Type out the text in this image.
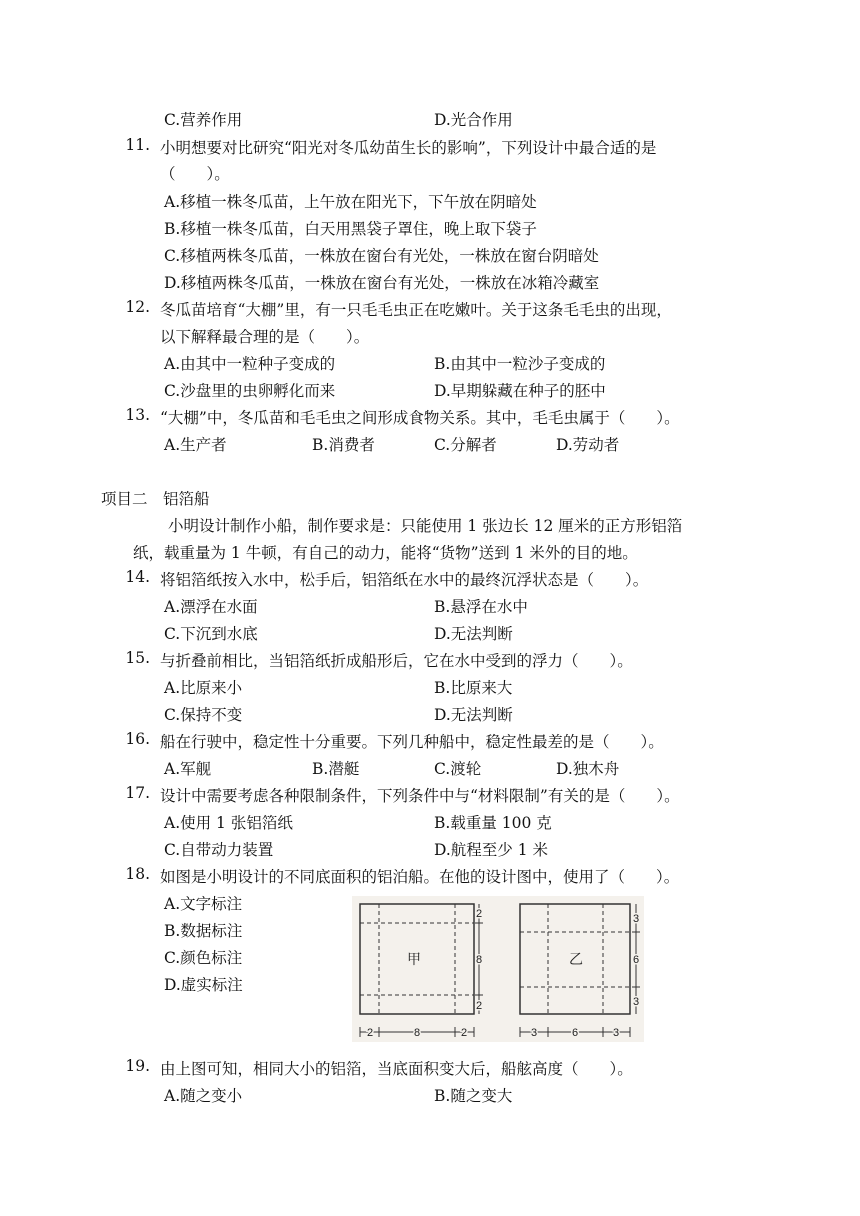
C.营养作用	D.光合作用
11. 小明想要对比研究“阳光对冬瓜幼苗生长的影响”，下列设计中最合适的是
（　　）。
A.移植一株冬瓜苗，上午放在阳光下，下午放在阴暗处
B.移植一株冬瓜苗，白天用黑袋子罩住，晚上取下袋子
C.移植两株冬瓜苗，一株放在窗台有光处，一株放在窗台阴暗处
D.移植两株冬瓜苗，一株放在窗台有光处，一株放在冰箱冷藏室
12. 冬瓜苗培育“大棚”里，有一只毛毛虫正在吃嫩叶。关于这条毛毛虫的出现，
以下解释最合理的是（　　）。
A.由其中一粒种子变成的	B.由其中一粒沙子变成的
C.沙盘里的虫卵孵化而来	D.早期躲藏在种子的胚中
13. “大棚”中，冬瓜苗和毛毛虫之间形成食物关系。其中，毛毛虫属于（　　）。
A.生产者	B.消费者	C.分解者	D.劳动者
项目二　铝箔船
小明设计制作小船，制作要求是：只能使用 1 张边长 12 厘米的正方形铝箔
纸，载重量为 1 牛顿，有自己的动力，能将“货物”送到 1 米外的目的地。
14. 将铝箔纸按入水中，松手后，铝箔纸在水中的最终沉浮状态是（　　）。
A.漂浮在水面	B.悬浮在水中
C.下沉到水底	D.无法判断
15. 与折叠前相比，当铝箔纸折成船形后，它在水中受到的浮力（　　）。
A.比原来小	B.比原来大
C.保持不变	D.无法判断
16. 船在行驶中，稳定性十分重要。下列几种船中，稳定性最差的是（　　）。
A.军舰	B.潜艇	C.渡轮	D.独木舟
17. 设计中需要考虑各种限制条件，下列条件中与“材料限制”有关的是（　　）。
A.使用 1 张铝箔纸	B.载重量 100 克
C.自带动力装置	D.航程至少 1 米
18. 如图是小明设计的不同底面积的铝泊船。在他的设计图中，使用了（　　）。
A.文字标注
B.数据标注
C.颜色标注
D.虚实标注
甲
2
8
2
2	8	2
乙
3
6
3
3	6	3
19. 由上图可知，相同大小的铝箔，当底面积变大后，船舷高度（　　）。
A.随之变小	B.随之变大
